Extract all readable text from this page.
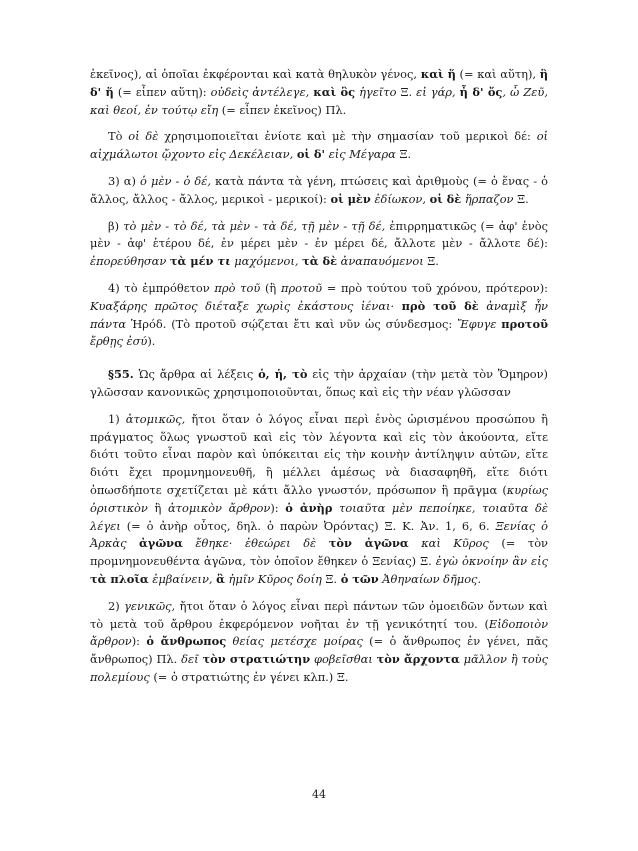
ἐκεῖνος), αἱ ὁποῖαι ἐκφέρονται καὶ κατὰ θηλυκὸν γένος, καὶ ἥ (= καὶ αὕτη), ἣ δ' ἥ (= εἶπεν αὕτη): οὐδεὶς ἀντέλεγε, καὶ ὃς ἡγεῖτο Ξ. εἰ γάρ, ἦ δ' ὅς, ὦ Ζεῦ, καὶ θεοί, ἐν τούτῳ εἴη (= εἶπεν ἐκεῖνος) Πλ.

Τὸ οἱ δὲ χρησιμοποιεῖται ἐνίοτε καὶ μὲ τὴν σημασίαν τοῦ μερικοὶ δέ: οἱ αἰχμάλωτοι ᾤχοντο εἰς Δεκέλειαν, οἱ δ' εἰς Μέγαρα Ξ.

3) α) ὁ μὲν - ὁ δέ, κατὰ πάντα τὰ γένη, πτώσεις καὶ ἀριθμοὺς (= ὁ ἕνας - ὁ ἄλλος, ἄλλος - ἄλλος, μερικοὶ - μερικοί): οἱ μὲν ἐδίωκον, οἱ δὲ ἥρπαζον Ξ.

β) τὸ μὲν - τὸ δέ, τὰ μὲν - τὰ δέ, τῇ μὲν - τῇ δέ, ἐπιρρηματικῶς (= ἀφ' ἑνὸς μὲν - ἀφ' ἑτέρου δέ, ἐν μέρει μὲν - ἐν μέρει δέ, ἄλλοτε μὲν - ἄλλοτε δέ): ἐπορεύθησαν τὰ μέν τι μαχόμενοι, τὰ δὲ ἀναπαυόμενοι Ξ.

4) τὸ ἐμπρόθετον πρὸ τοῦ (ἢ προτοῦ = πρὸ τούτου τοῦ χρόνου, πρότερον): Κυαξάρης πρῶτος διέταξε χωρὶς ἑκάστους ἰέναι· πρὸ τοῦ δὲ ἀναμὶξ ἦν πάντα Ἡρόδ. (Τὸ προτοῦ σῴζεται ἔτι καὶ νῦν ὡς σύνδεσμος: Ἔφυγε προτοῦ ἔρθῃς ἐσύ).

§55. Ὡς ἄρθρα αἱ λέξεις ὁ, ἡ, τὸ εἰς τὴν ἀρχαίαν (τὴν μετὰ τὸν Ὅμηρον) γλῶσσαν κανονικῶς χρησιμοποιοῦνται, ὅπως καὶ εἰς τὴν νέαν γλῶσσαν

1) ἀτομικῶς, ἤτοι ὅταν ὁ λόγος εἶναι περὶ ἑνὸς ὡρισμένου προσώπου ἢ πράγματος ὅλως γνωστοῦ καὶ εἰς τὸν λέγοντα καὶ εἰς τὸν ἀκούοντα, εἴτε διότι τοῦτο εἶναι παρὸν καὶ ὑπόκειται εἰς τὴν κοινὴν ἀντίληψιν αὐτῶν, εἴτε διότι ἔχει προμνημονευθῆ, ἢ μέλλει ἀμέσως νὰ διασαφηθῆ, εἴτε διότι ὁπωσδήποτε σχετίζεται μὲ κάτι ἄλλο γνωστόν, πρόσωπον ἢ πρᾶγμα (κυρίως ὁριστικὸν ἢ ἀτομικὸν ἄρθρον): ὁ ἀνὴρ τοιαῦτα μὲν πεποίηκε, τοιαῦτα δὲ λέγει (= ὁ ἀνὴρ οὗτος, δηλ. ὁ παρὼν Ὀρόντας) Ξ. Κ. Ἀν. 1, 6, 6. Ξενίας ὁ Ἀρκὰς ἀγῶνα ἔθηκε· ἐθεώρει δὲ τὸν ἀγῶνα καὶ Κῦρος (= τὸν προμνημονευθέντα ἀγῶνα, τὸν ὁποῖον ἔθηκεν ὁ Ξενίας) Ξ. ἐγὼ ὀκνοίην ἂν εἰς τὰ πλοῖα ἐμβαίνειν, ἃ ἡμῖν Κῦρος δοίη Ξ. ὁ τῶν Ἀθηναίων δῆμος.

2) γενικῶς, ἤτοι ὅταν ὁ λόγος εἶναι περὶ πάντων τῶν ὁμοειδῶν ὄντων καὶ τὸ μετὰ τοῦ ἄρθρου ἐκφερόμενον νοῆται ἐν τῇ γενικότητί του. (Εἰδοποιὸν ἄρθρον): ὁ ἄνθρωπος θείας μετέσχε μοίρας (= ὁ ἄνθρωπος ἐν γένει, πᾶς ἄνθρωπος) Πλ. δεῖ τὸν στρατιώτην φοβεῖσθαι τὸν ἄρχοντα μᾶλλον ἢ τοὺς πολεμίους (= ὁ στρατιώτης ἐν γένει κλπ.) Ξ.

44
